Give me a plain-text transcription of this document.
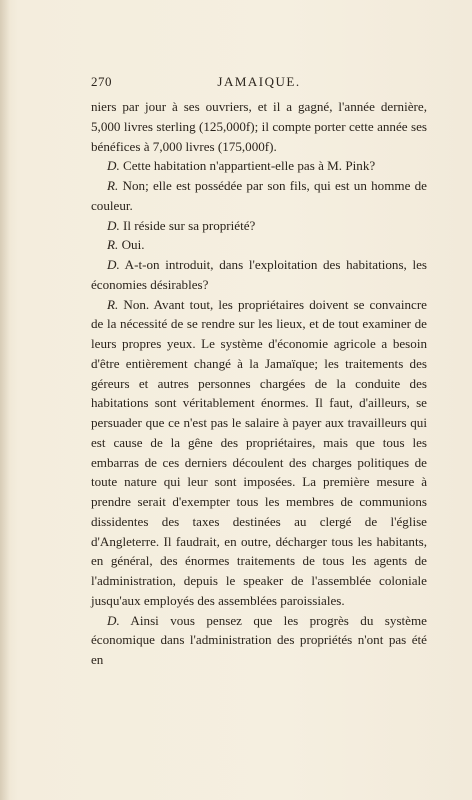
270	JAMAIQUE.

niers par jour à ses ouvriers, et il a gagné, l'année dernière, 5,000 livres sterling (125,000f); il compte porter cette année ses bénéfices à 7,000 livres (175,000f).

D. Cette habitation n'appartient-elle pas à M. Pink?

R. Non; elle est possédée par son fils, qui est un homme de couleur.

D. Il réside sur sa propriété?

R. Oui.

D. A-t-on introduit, dans l'exploitation des habitations, les économies désirables?

R. Non. Avant tout, les propriétaires doivent se convaincre de la nécessité de se rendre sur les lieux, et de tout examiner de leurs propres yeux. Le système d'économie agricole a besoin d'être entièrement changé à la Jamaïque; les traitements des géreurs et autres personnes chargées de la conduite des habitations sont véritablement énormes. Il faut, d'ailleurs, se persuader que ce n'est pas le salaire à payer aux travailleurs qui est cause de la gêne des propriétaires, mais que tous les embarras de ces derniers découlent des charges politiques de toute nature qui leur sont imposées. La première mesure à prendre serait d'exempter tous les membres de communions dissidentes des taxes destinées au clergé de l'église d'Angleterre. Il faudrait, en outre, décharger tous les habitants, en général, des énormes traitements de tous les agents de l'administration, depuis le speaker de l'assemblée coloniale jusqu'aux employés des assemblées paroissiales.

D. Ainsi vous pensez que les progrès du système économique dans l'administration des propriétés n'ont pas été en
